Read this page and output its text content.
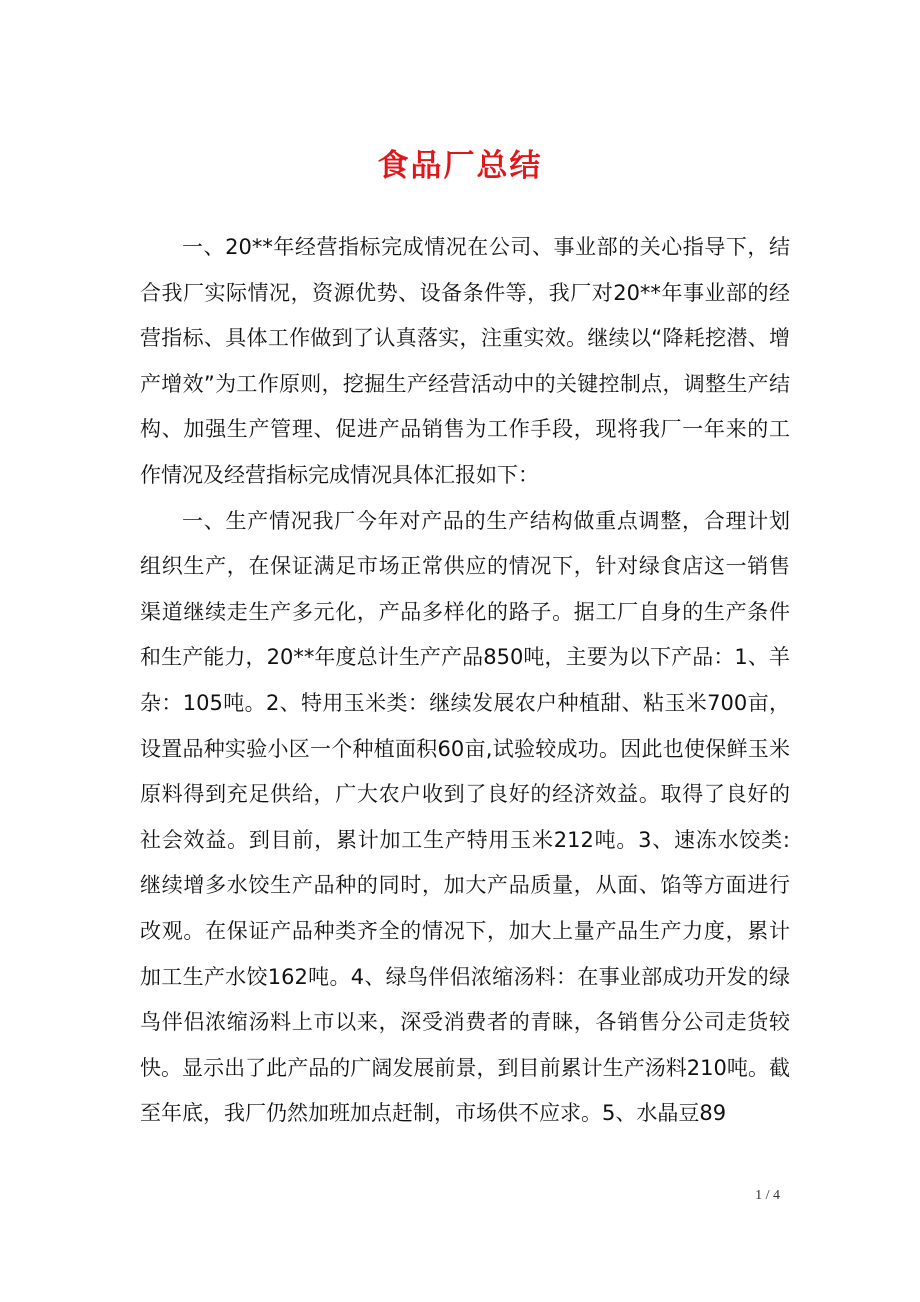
食品厂总结

一、20**年经营指标完成情况在公司、事业部的关心指导下，结合我厂实际情况，资源优势、设备条件等，我厂对20**年事业部的经营指标、具体工作做到了认真落实，注重实效。继续以“降耗挖潜、增产增效”为工作原则，挖掘生产经营活动中的关键控制点，调整生产结构、加强生产管理、促进产品销售为工作手段，现将我厂一年来的工作情况及经营指标完成情况具体汇报如下：

一、生产情况我厂今年对产品的生产结构做重点调整，合理计划组织生产，在保证满足市场正常供应的情况下，针对绿食店这一销售渠道继续走生产多元化，产品多样化的路子。据工厂自身的生产条件和生产能力，20**年度总计生产产品850吨，主要为以下产品：1、羊杂：105吨。2、特用玉米类：继续发展农户种植甜、粘玉米700亩，设置品种实验小区一个种植面积60亩,试验较成功。因此也使保鲜玉米原料得到充足供给，广大农户收到了良好的经济效益。取得了良好的社会效益。到目前，累计加工生产特用玉米212吨。3、速冻水饺类: 继续增多水饺生产品种的同时，加大产品质量，从面、馅等方面进行改观。在保证产品种类齐全的情况下，加大上量产品生产力度，累计加工生产水饺162吨。4、绿鸟伴侣浓缩汤料：在事业部成功开发的绿鸟伴侣浓缩汤料上市以来，深受消费者的青睐，各销售分公司走货较快。显示出了此产品的广阔发展前景，到目前累计生产汤料210吨。截至年底，我厂仍然加班加点赶制，市场供不应求。5、水晶豆89

1 / 4
